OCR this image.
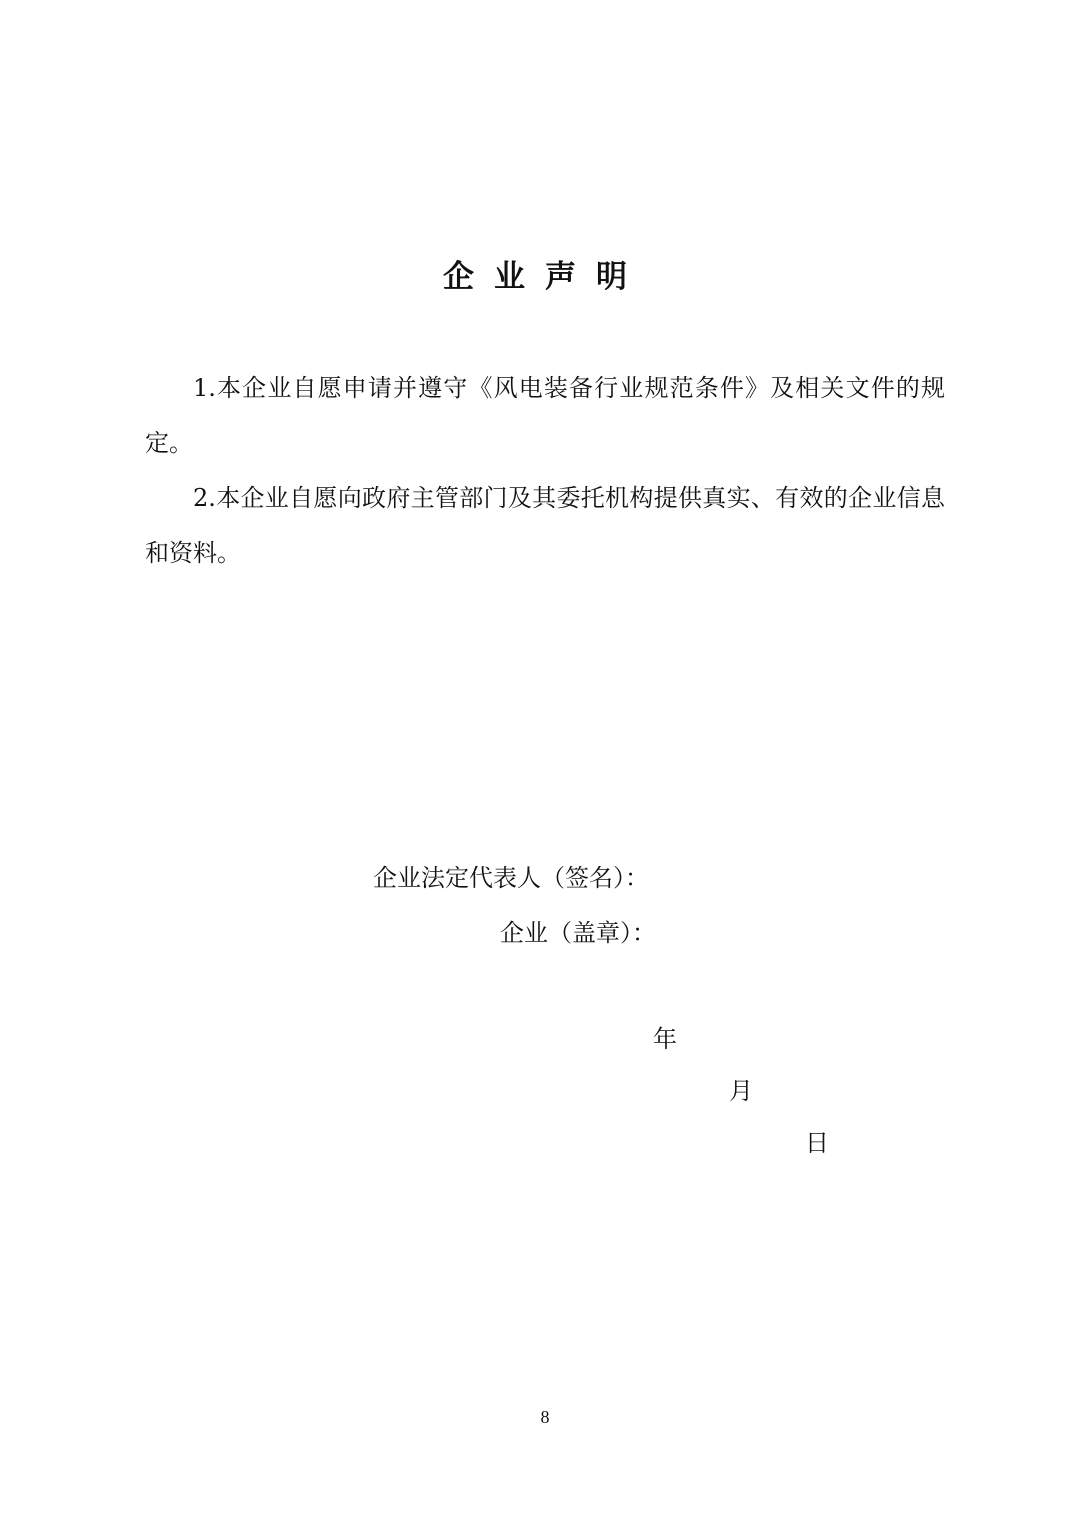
企业声明

1.本企业自愿申请并遵守《风电装备行业规范条件》及相关文件的规定。

2.本企业自愿向政府主管部门及其委托机构提供真实、有效的企业信息和资料。

企业法定代表人（签名）：
企业（盖章）：

年

月

日

8
